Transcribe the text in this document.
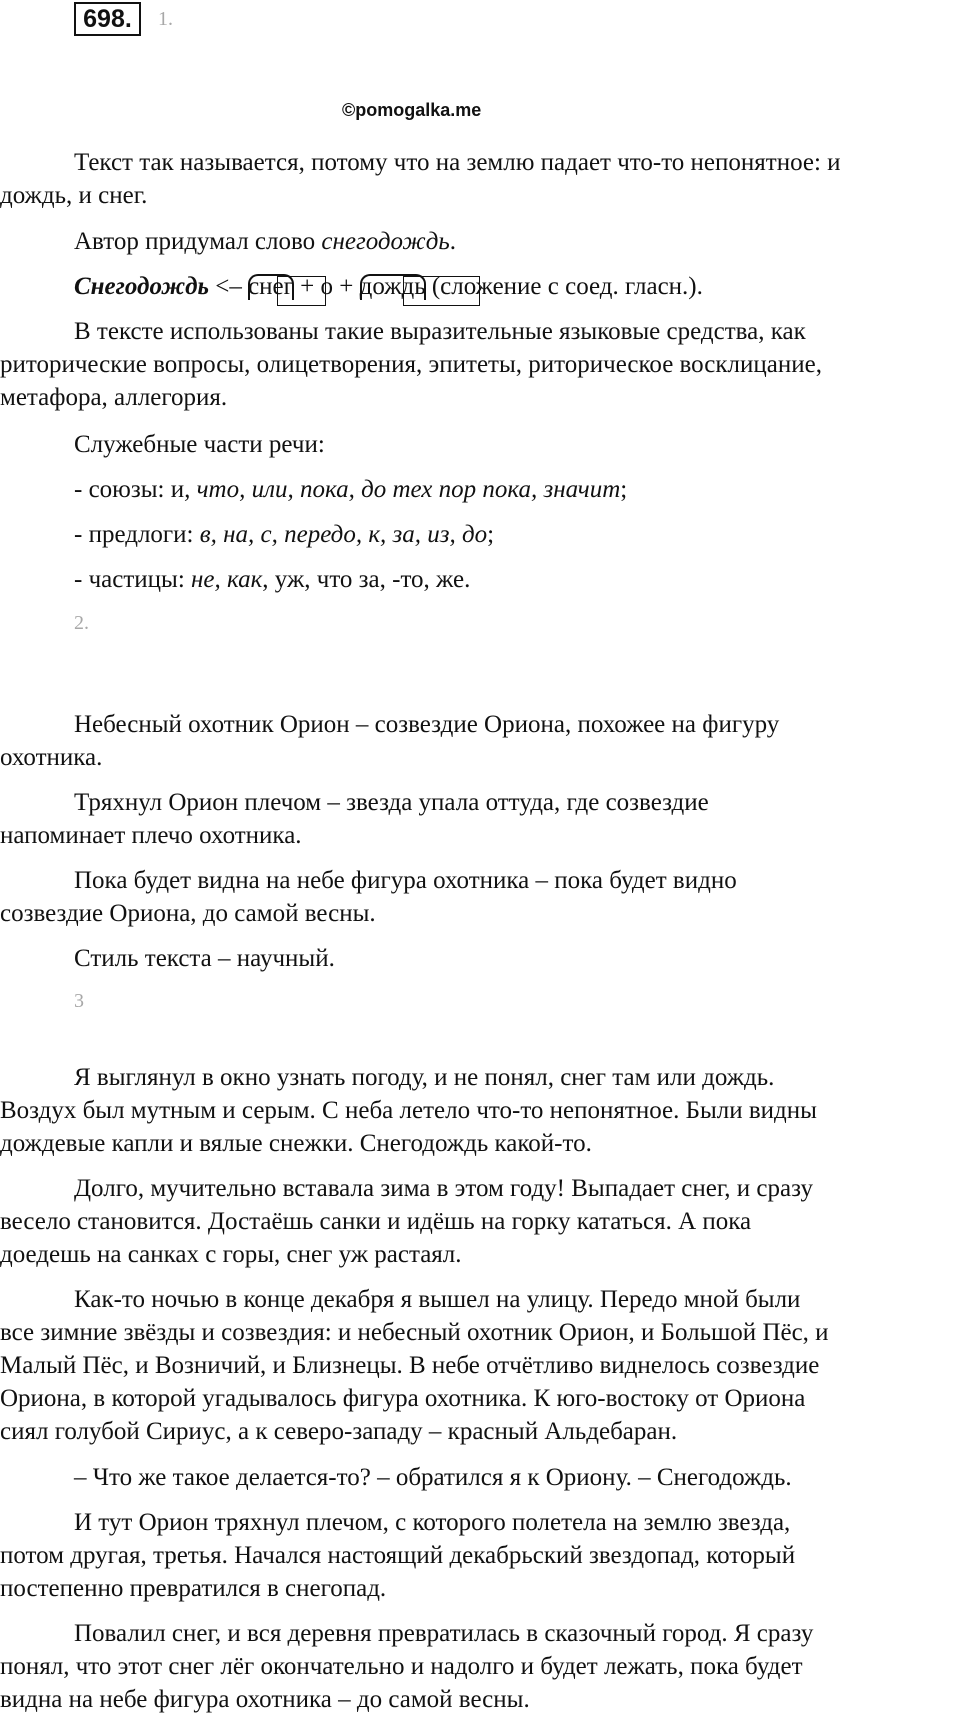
698.	1.
©pomogalka.me
Текст так называется, потому что на землю падает что-то непонятное: и
дождь, и снег.
Автор придумал слово снегодождь.
Снегодождь <–
снег + о +
дождь (сложение с соед. гласн.).
В тексте использованы такие выразительные языковые средства, как
риторические вопросы, олицетворения, эпитеты, риторическое восклицание,
метафора, аллегория.
Служебные части речи:
- союзы: и, что, или, пока, до тех пор пока, значит;
- предлоги: в, на, с, передо, к, за, из, до;
- частицы: не, как, уж, что за, -то, же.
2.
Небесный охотник Орион – созвездие Ориона, похожее на фигуру
охотника.
Тряхнул Орион плечом – звезда упала оттуда, где созвездие
напоминает плечо охотника.
Пока будет видна на небе фигура охотника – пока будет видно
созвездие Ориона, до самой весны.
Стиль текста – научный.
3
Я выглянул в окно узнать погоду, и не понял, снег там или дождь.
Воздух был мутным и серым. С неба летело что-то непонятное. Были видны
дождевые капли и вялые снежки. Снегодождь какой-то.
Долго, мучительно вставала зима в этом году! Выпадает снег, и сразу
весело становится. Достаёшь санки и идёшь на горку кататься. А пока
доедешь на санках с горы, снег уж растаял.
Как-то ночью в конце декабря я вышел на улицу. Передо мной были
все зимние звёзды и созвездия: и небесный охотник Орион, и Большой Пёс, и
Малый Пёс, и Возничий, и Близнецы. В небе отчётливо виднелось созвездие
Ориона, в которой угадывалось фигура охотника. К юго-востоку от Ориона
сиял голубой Сириус, а к северо-западу – красный Альдебаран.
– Что же такое делается-то? – обратился я к Ориону. – Снегодождь.
И тут Орион тряхнул плечом, с которого полетела на землю звезда,
потом другая, третья. Начался настоящий декабрьский звездопад, который
постепенно превратился в снегопад.
Повалил снег, и вся деревня превратилась в сказочный город. Я сразу
понял, что этот снег лёг окончательно и надолго и будет лежать, пока будет
видна на небе фигура охотника – до самой весны.
